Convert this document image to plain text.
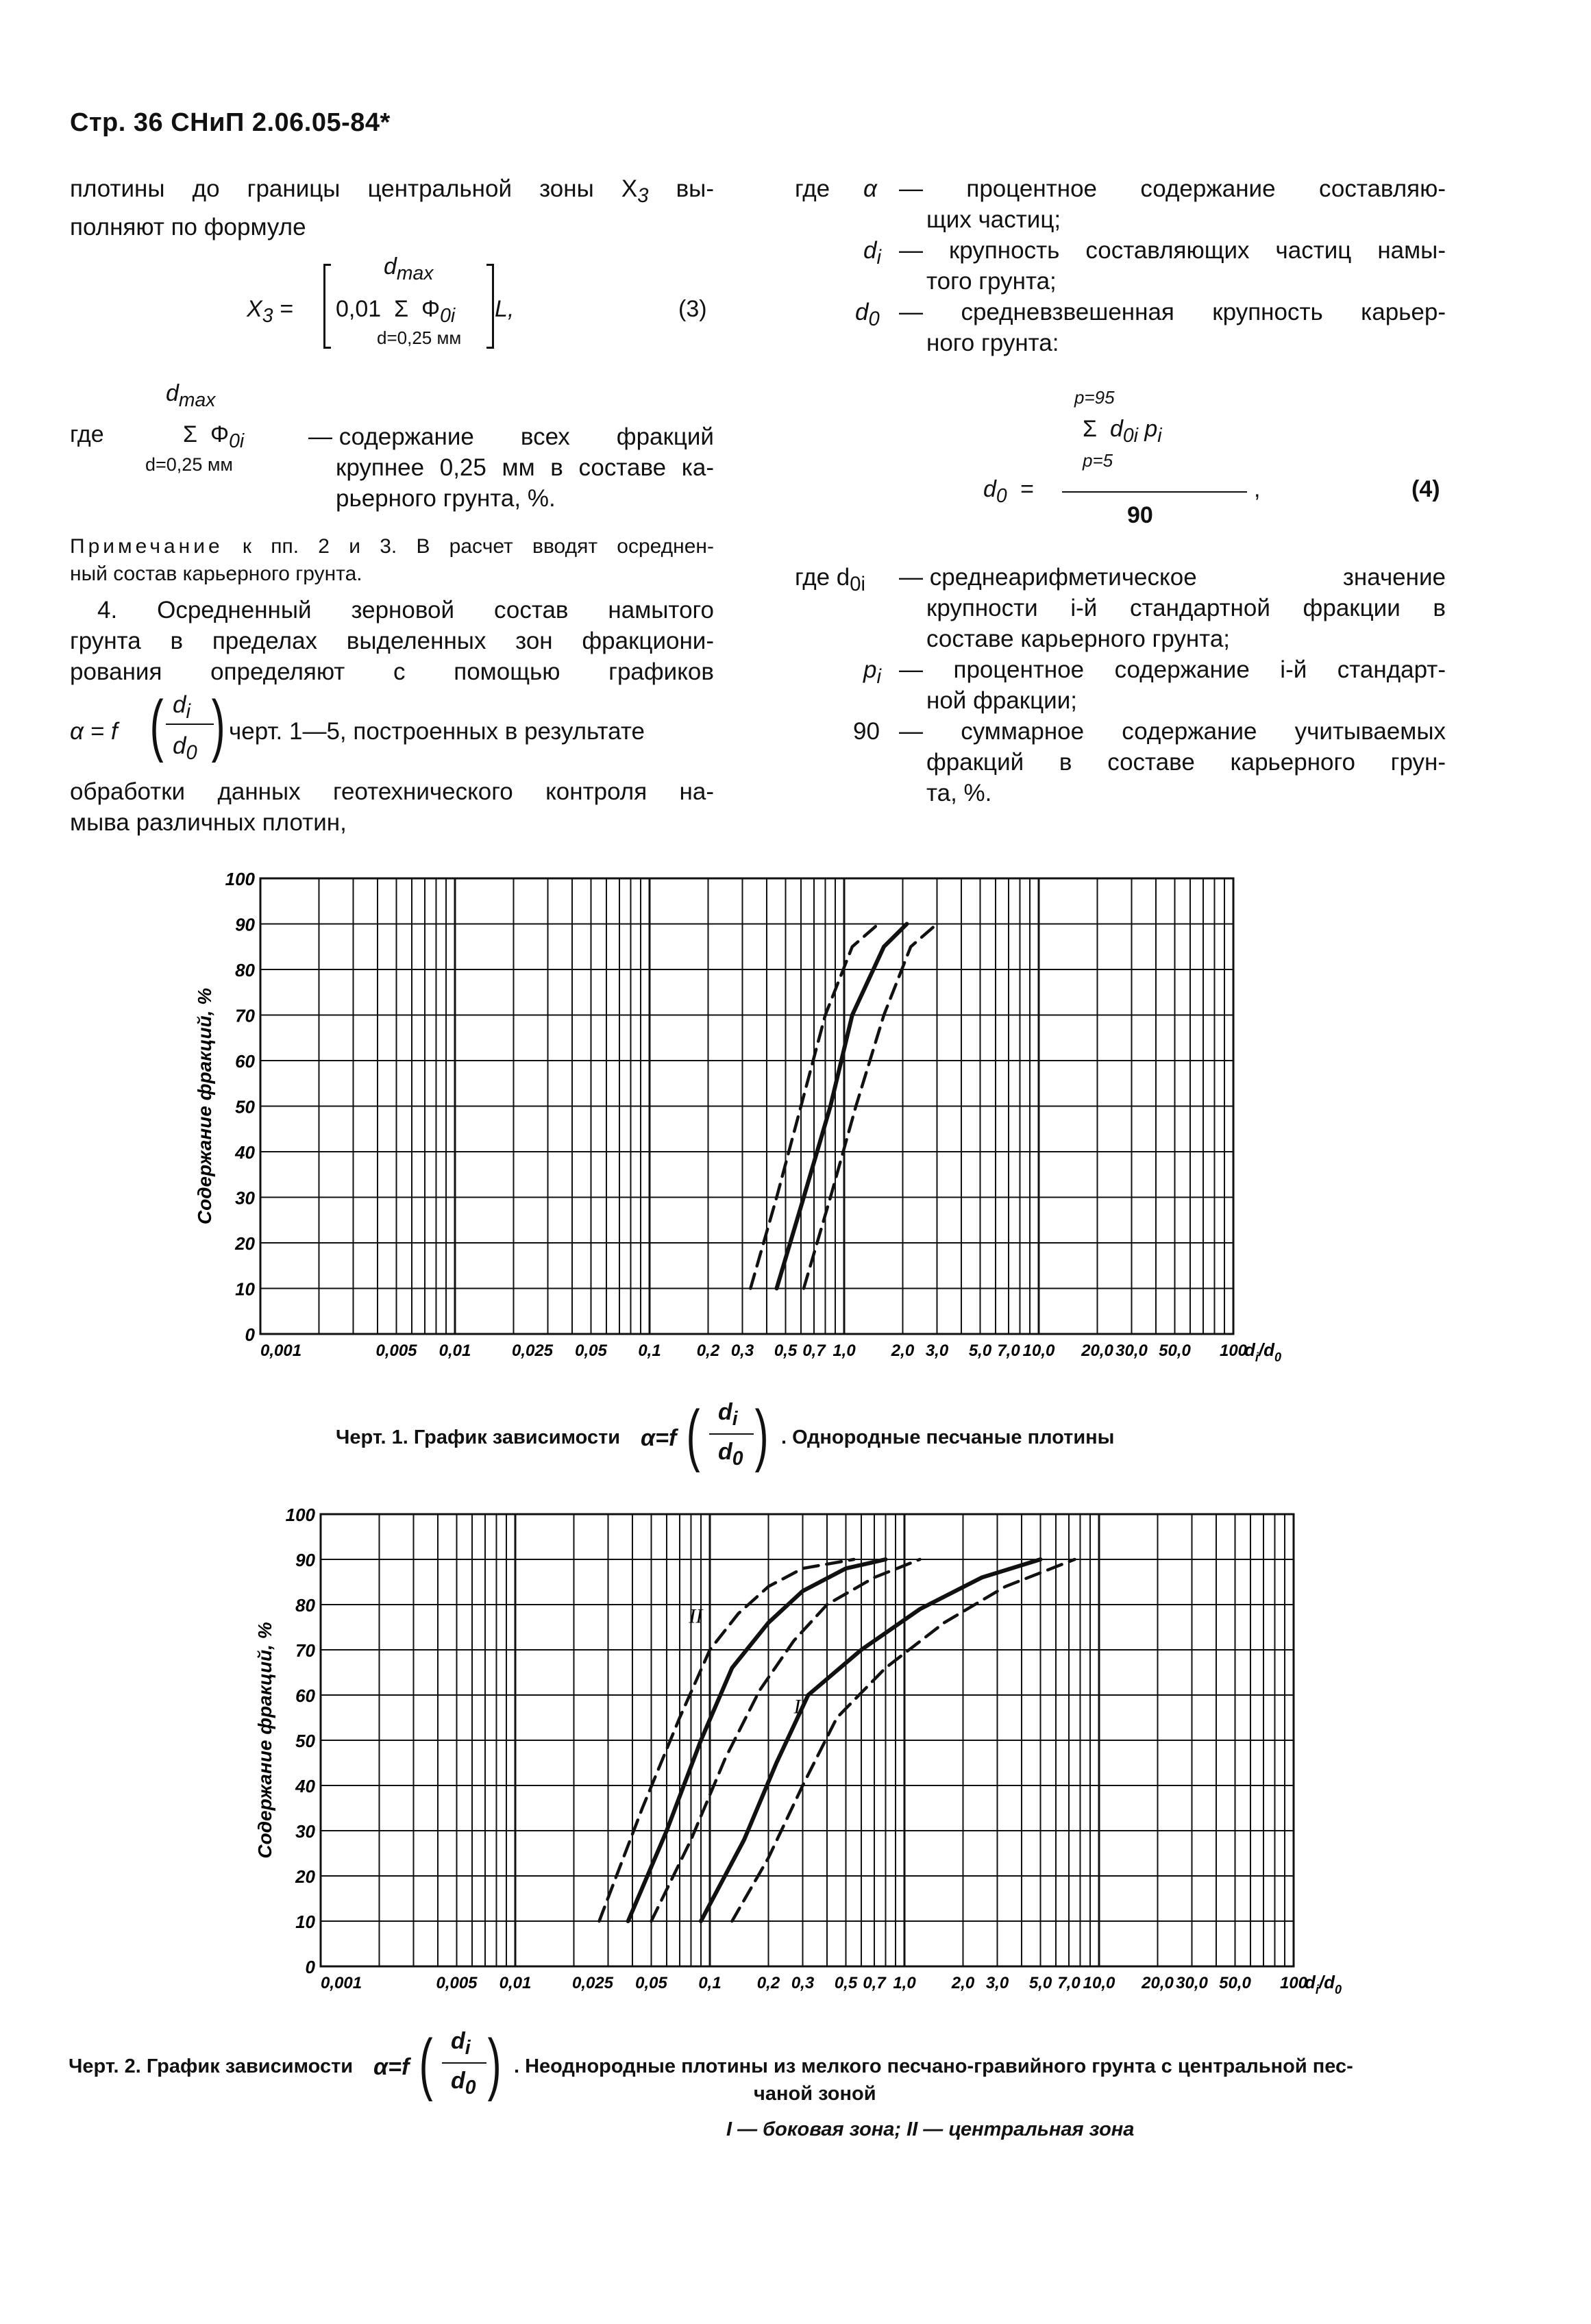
Стр. 36 СНиП 2.06.05-84*
плотины до границы центральной зоны $X_3$ вы-
полняют по формуле
$X_3$ =
$d_{max}$
0,01 Σ $\Phi_{0i}$
d=0,25 мм
L,	(3)
$d_{max}$
где	Σ $\Phi_{0i}$
d=0,25 мм
— содержание всех фракций
крупнее 0,25 мм в составе ка-
рьерного грунта, %.
Примечание к пп. 2 и 3. В расчет вводят осреднен-
ный состав карьерного грунта.
4. Осредненный зерновой состав намытого
грунта в пределах выделенных зон фракциони-
рования определяют с помощью графиков
α = f ( $d_i$
$d_0$ ) черт. 1—5, построенных в результате
обработки данных геотехнического контроля на-
мыва различных плотин,
где α — процентное содержание составляю-
щих частиц;
$d_i$ — крупность составляющих частиц намы-
того грунта;
$d_0$ — средневзвешенная крупность карьер-
ного грунта:
p=95
Σ $d_{0i}$ $p_i$
p=5
$d_0$ =	,
90
(4)
где $d_{0i}$ — среднеарифметическое	значение
крупности i-й стандартной фракции в
составе карьерного грунта;
$p_i$ — процентное содержание i-й стандарт-
ной фракции;
90 — суммарное содержание учитываемых
фракций в составе карьерного грун-
та, %.
0
10
20
30
40
50
60
70
80
90
100
0,001	0,005 0,01 0,025 0,05 0,1 0,2 0,3 0,5 0,7 1,0 2,0 3,0 5,0 7,0 10,0 20,0 30,0 50,0 100
$d_i/d_0$
Содержание фракций, %
Черт. 1. График зависимости α=f ( $d_i$
$d_0$ ) . Однородные песчаные плотины
0
10
20
30
40
50
60
70
80
90
100
0,001	0,005 0,01 0,025 0,05 0,1 0,2 0,3 0,5 0,7 1,0 2,0 3,0 5,0 7,0 10,0 20,0 30,0 50,0 100
$d_i/d_0$
Содержание фракций, %	I
II
Черт. 2. График зависимости α=f ( $d_i$
$d_0$ ) . Неоднородные плотины из мелкого песчано-гравийного грунта с центральной пес-
чаной зоной
I — боковая зона; II — центральная зона
